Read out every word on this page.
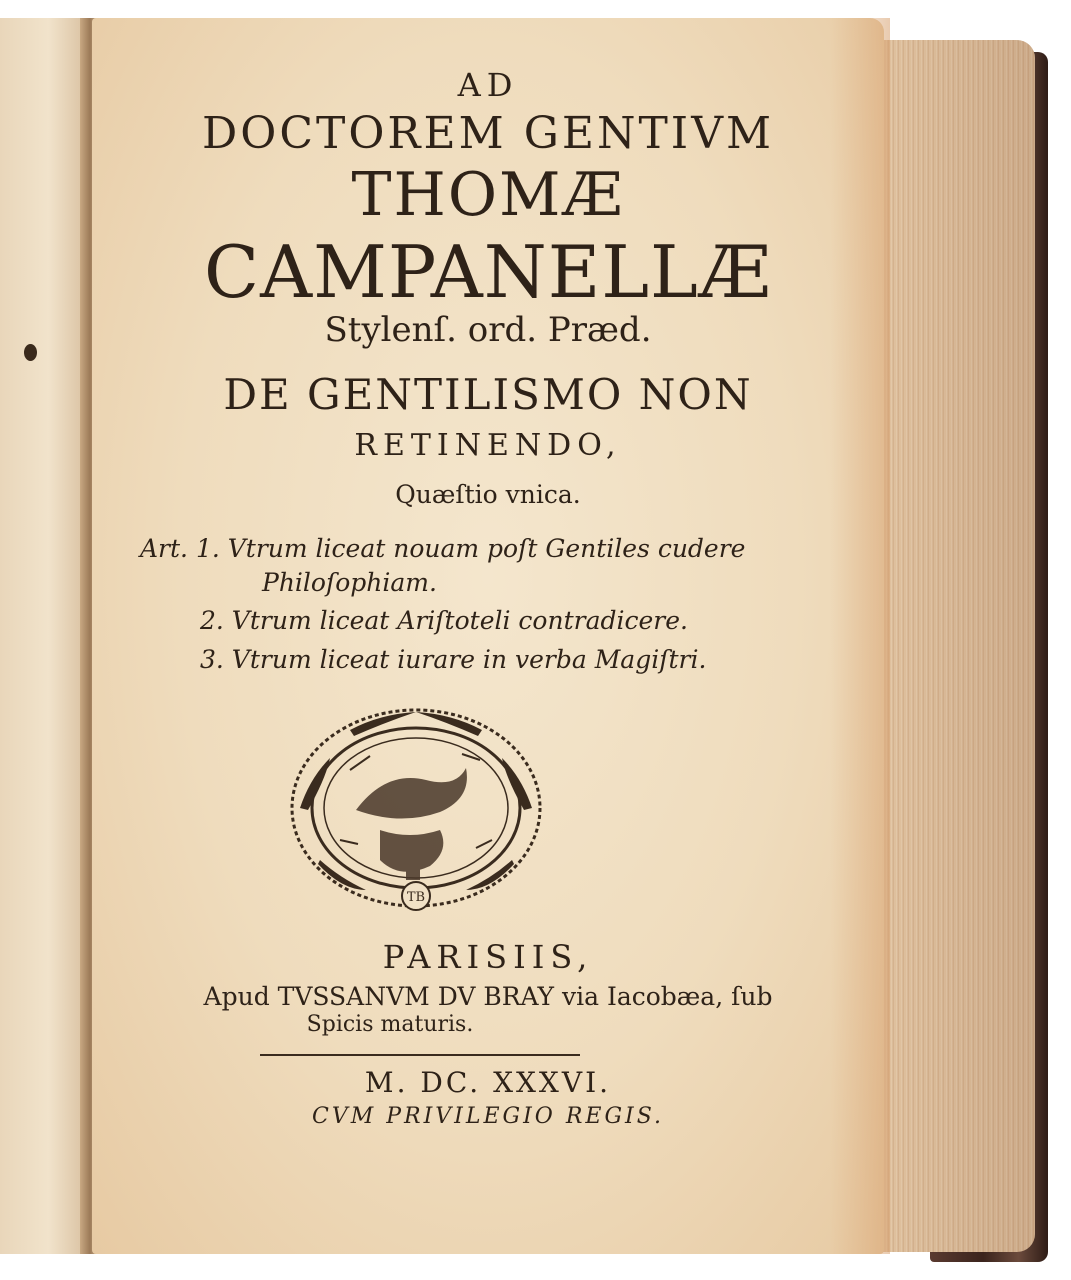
AD

DOCTOREM GENTIVM

THOMÆ

CAMPANELLÆ

Stylenſ. ord. Præd.

DE GENTILISMO NON

RETINENDO,

Quæſtio vnica.

Art. 1. Vtrum liceat nouam poſt Gentiles cudere
Philoſophiam.
2. Vtrum liceat Ariſtoteli contradicere.
3. Vtrum liceat iurare in verba Magiſtri.
TB

PARISIIS,

Apud TVSSANVM DV BRAY via Iacobæa, ſub

Spicis maturis.

M. DC. XXXVI.

CVM PRIVILEGIO REGIS.
